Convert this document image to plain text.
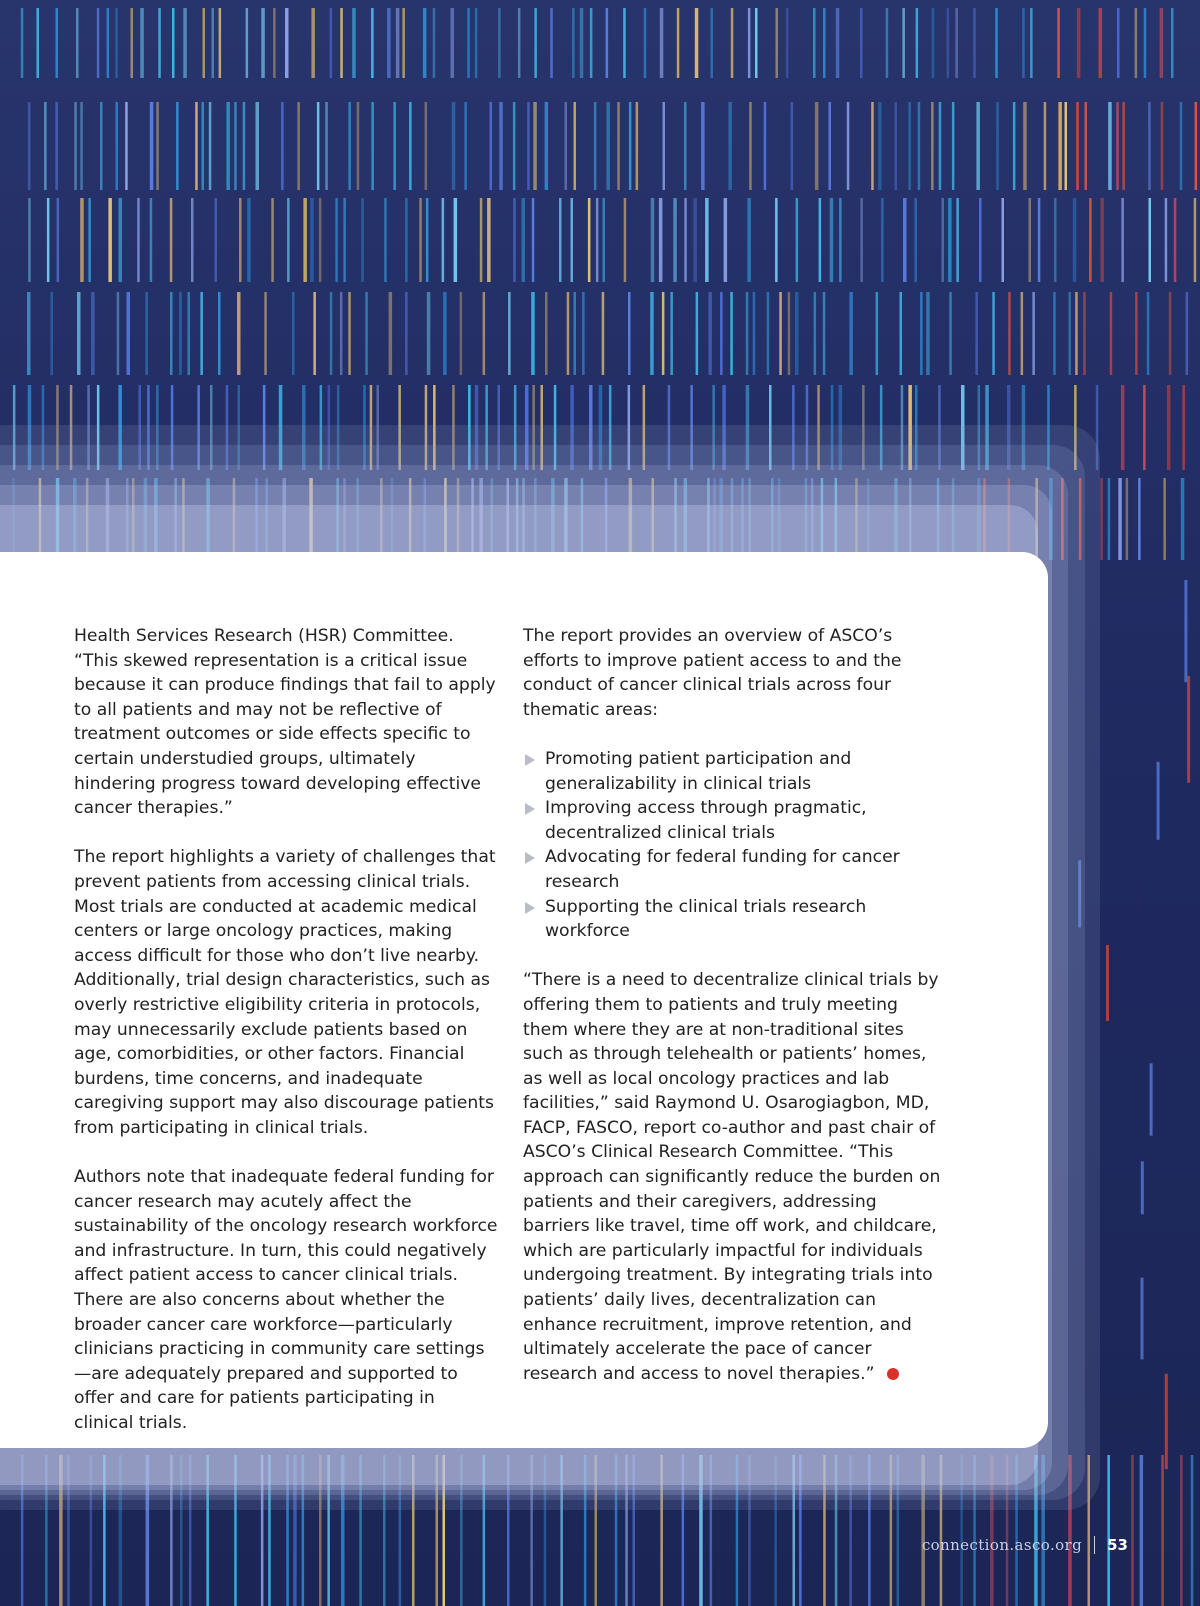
Health Services Research (HSR) Committee. “This skewed representation is a critical issue because it can produce findings that fail to apply to all patients and may not be reflective of treatment outcomes or side effects specific to certain understudied groups, ultimately hindering progress toward developing effective cancer therapies.”

The report highlights a variety of challenges that prevent patients from accessing clinical trials. Most trials are conducted at academic medical centers or large oncology practices, making access difficult for those who don’t live nearby. Additionally, trial design characteristics, such as overly restrictive eligibility criteria in protocols, may unnecessarily exclude patients based on age, comorbidities, or other factors. Financial burdens, time concerns, and inadequate caregiving support may also discourage patients from participating in clinical trials.

Authors note that inadequate federal funding for cancer research may acutely affect the sustainability of the oncology research workforce and infrastructure. In turn, this could negatively affect patient access to cancer clinical trials. There are also concerns about whether the broader cancer care workforce—particularly clinicians practicing in community care settings—are adequately prepared and supported to offer and care for patients participating in clinical trials.

The report provides an overview of ASCO’s efforts to improve patient access to and the conduct of cancer clinical trials across four thematic areas:

Promoting patient participation and generalizability in clinical trials
Improving access through pragmatic, decentralized clinical trials
Advocating for federal funding for cancer research
Supporting the clinical trials research workforce

“There is a need to decentralize clinical trials by offering them to patients and truly meeting them where they are at non-traditional sites such as through telehealth or patients’ homes, as well as local oncology practices and lab facilities,” said Raymond U. Osarogiagbon, MD, FACP, FASCO, report co-author and past chair of ASCO’s Clinical Research Committee. “This approach can significantly reduce the burden on patients and their caregivers, addressing barriers like travel, time off work, and childcare, which are particularly impactful for individuals undergoing treatment. By integrating trials into patients’ daily lives, decentralization can enhance recruitment, improve retention, and ultimately accelerate the pace of cancer research and access to novel therapies.”

connection.asco.org 53
